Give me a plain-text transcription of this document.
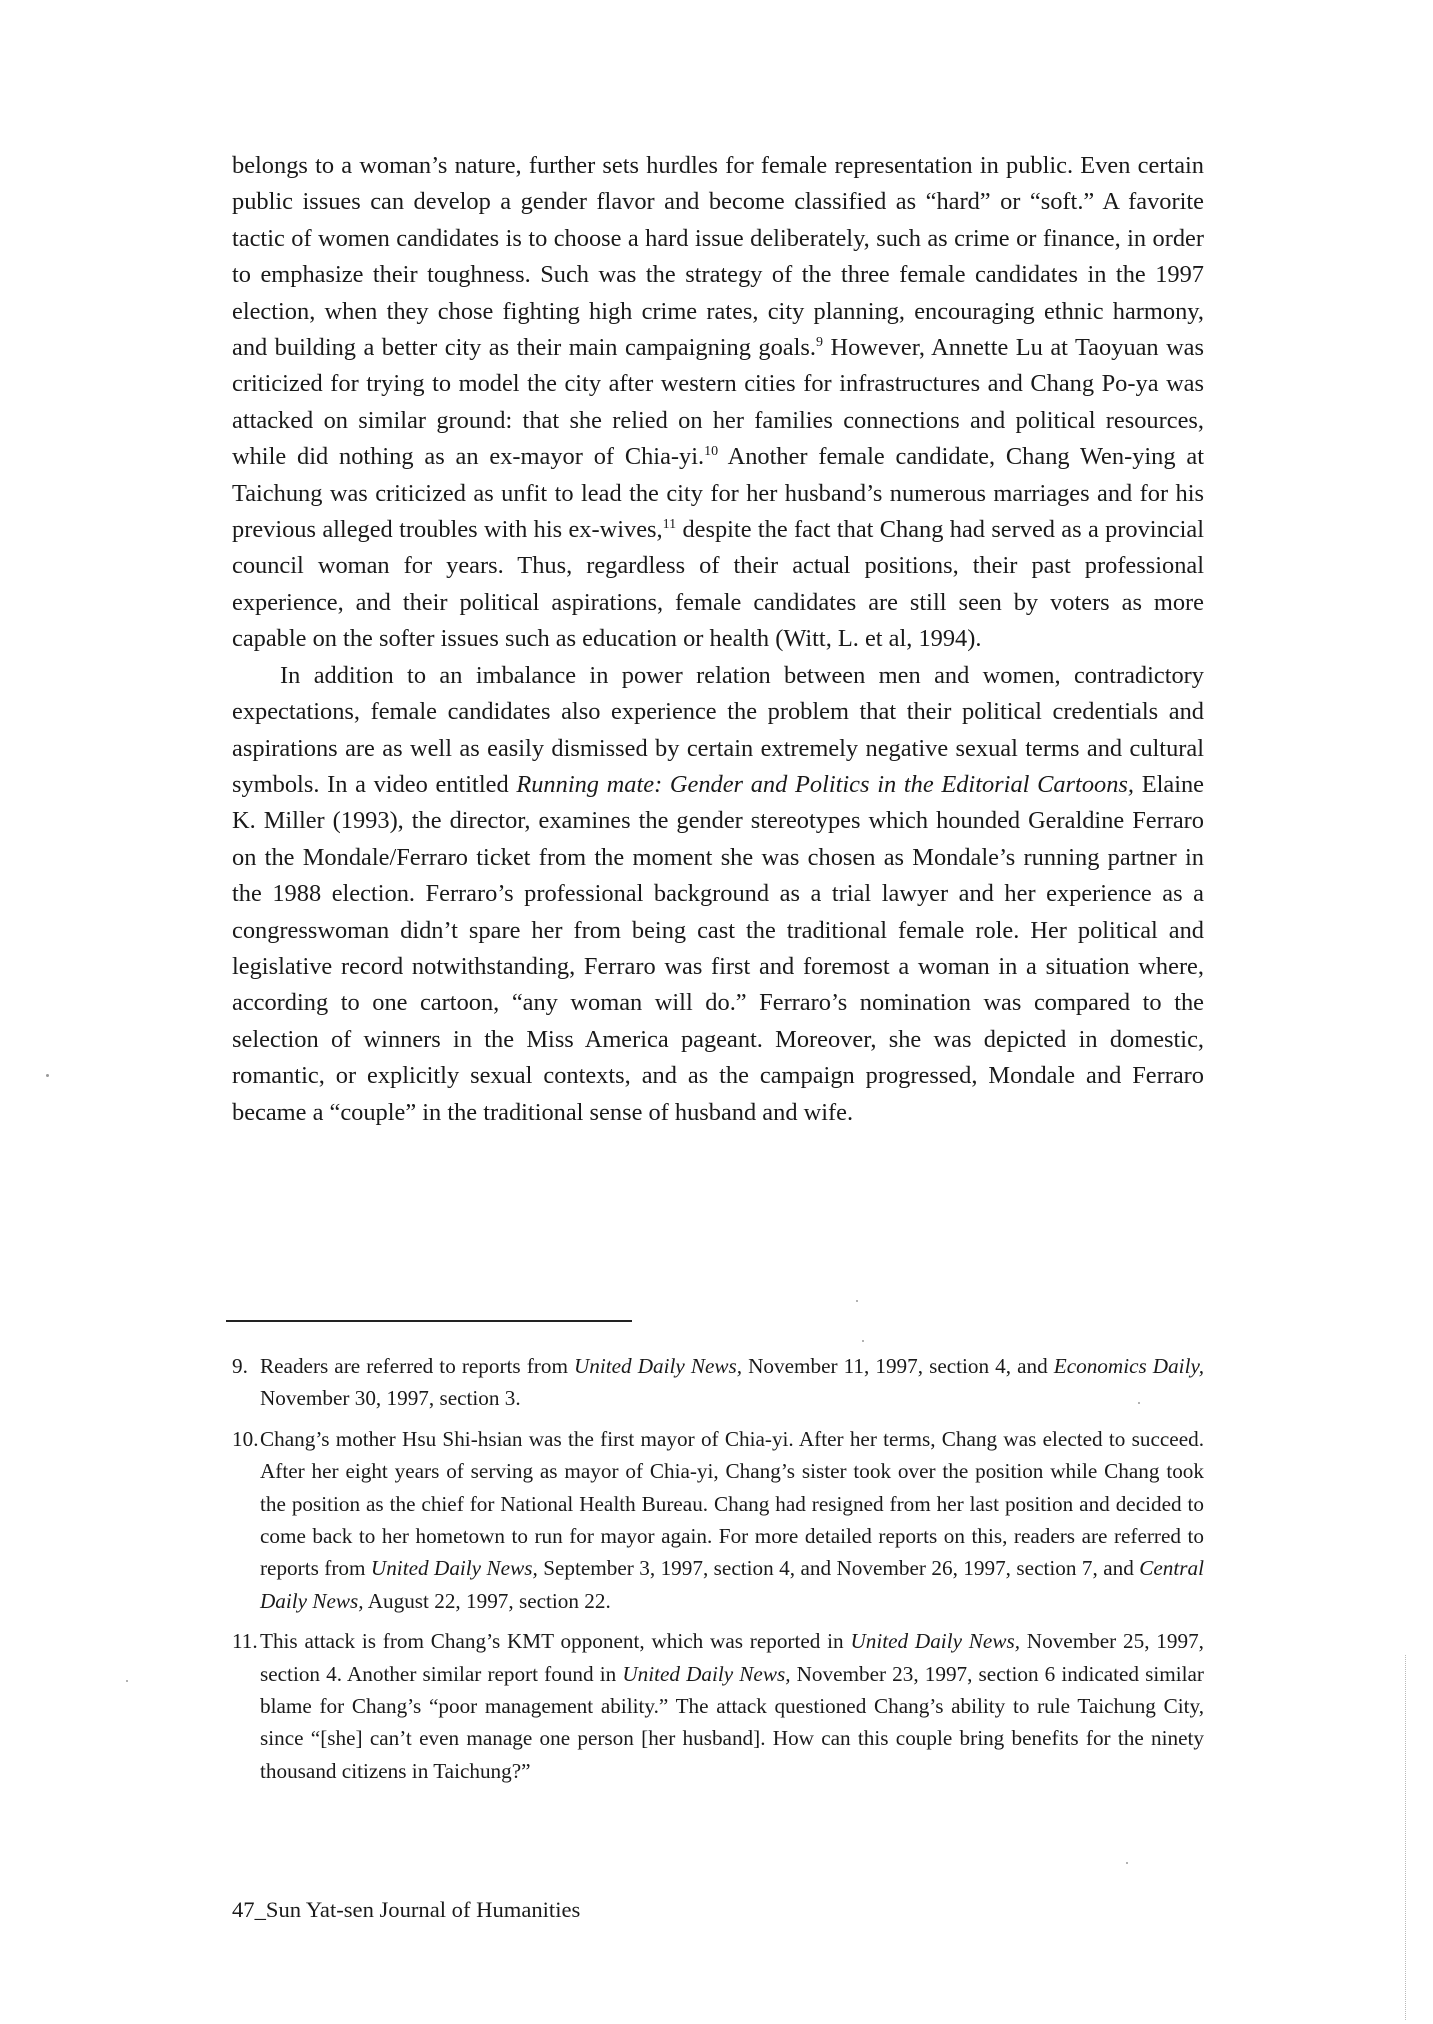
belongs to a woman’s nature, further sets hurdles for female representation in public. Even certain public issues can develop a gender flavor and become classified as “hard” or “soft.” A favorite tactic of women candidates is to choose a hard issue deliberately, such as crime or finance, in order to emphasize their toughness. Such was the strategy of the three female candidates in the 1997 election, when they chose fighting high crime rates, city planning, encouraging ethnic harmony, and building a better city as their main campaigning goals.$^9$ However, Annette Lu at Taoyuan was criticized for trying to model the city after western cities for infrastructures and Chang Po-ya was attacked on similar ground: that she relied on her families connections and political resources, while did nothing as an ex-mayor of Chia-yi.$^{10}$ Another female candidate, Chang Wen-ying at Taichung was criticized as unfit to lead the city for her husband’s numerous marriages and for his previous alleged troubles with his ex-wives,$^{11}$ despite the fact that Chang had served as a provincial council woman for years. Thus, regardless of their actual positions, their past professional experience, and their political aspirations, female candidates are still seen by voters as more capable on the softer issues such as education or health (Witt, L. et al, 1994).

In addition to an imbalance in power relation between men and women, contradictory expectations, female candidates also experience the problem that their political credentials and aspirations are as well as easily dismissed by certain extremely negative sexual terms and cultural symbols. In a video entitled Running mate: Gender and Politics in the Editorial Cartoons, Elaine K. Miller (1993), the director, examines the gender stereotypes which hounded Geraldine Ferraro on the Mondale/Ferraro ticket from the moment she was chosen as Mondale’s running partner in the 1988 election. Ferraro’s professional background as a trial lawyer and her experience as a congresswoman didn’t spare her from being cast the traditional female role. Her political and legislative record notwithstanding, Ferraro was first and foremost a woman in a situation where, according to one cartoon, “any woman will do.” Ferraro’s nomination was compared to the selection of winners in the Miss America pageant. Moreover, she was depicted in domestic, romantic, or explicitly sexual contexts, and as the campaign progressed, Mondale and Ferraro became a “couple” in the traditional sense of husband and wife.

9. Readers are referred to reports from United Daily News, November 11, 1997, section 4, and Economics Daily, November 30, 1997, section 3.
10. Chang’s mother Hsu Shi-hsian was the first mayor of Chia-yi. After her terms, Chang was elected to succeed. After her eight years of serving as mayor of Chia-yi, Chang’s sister took over the position while Chang took the position as the chief for National Health Bureau. Chang had resigned from her last position and decided to come back to her hometown to run for mayor again. For more detailed reports on this, readers are referred to reports from United Daily News, September 3, 1997, section 4, and November 26, 1997, section 7, and Central Daily News, August 22, 1997, section 22.
11. This attack is from Chang’s KMT opponent, which was reported in United Daily News, November 25, 1997, section 4. Another similar report found in United Daily News, November 23, 1997, section 6 indicated similar blame for Chang’s “poor management ability.” The attack questioned Chang’s ability to rule Taichung City, since “[she] can’t even manage one person [her husband]. How can this couple bring benefits for the ninety thousand citizens in Taichung?”
47_Sun Yat-sen Journal of Humanities
